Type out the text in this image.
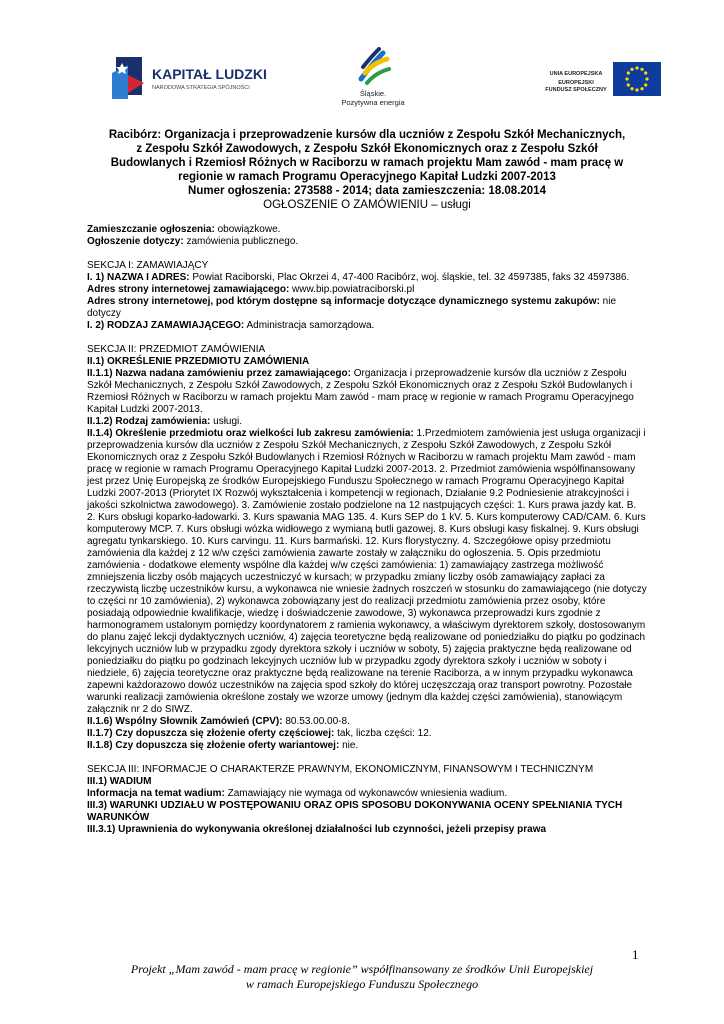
KAPITAŁ LUDZKI
NARODOWA STRATEGIA SPÓJNOŚCI
Śląskie.
Pozytywna energia
UNIA EUROPEJSKA
EUROPEJSKI
FUNDUSZ SPOŁECZNY
Racibórz: Organizacja i przeprowadzenie kursów dla uczniów z Zespołu Szkół Mechanicznych,
z Zespołu Szkół Zawodowych, z Zespołu Szkół Ekonomicznych oraz z Zespołu Szkół
Budowlanych i Rzemiosł Różnych w Raciborzu w ramach projektu Mam zawód - mam pracę w
regionie w ramach Programu Operacyjnego Kapitał Ludzki 2007-2013
Numer ogłoszenia: 273588 - 2014; data zamieszczenia: 18.08.2014
OGŁOSZENIE O ZAMÓWIENIU – usługi

Zamieszczanie ogłoszenia: obowiązkowe.

Ogłoszenie dotyczy: zamówienia publicznego.

SEKCJA I: ZAMAWIAJĄCY

I. 1) NAZWA I ADRES: Powiat Raciborski, Plac Okrzei 4, 47-400 Racibórz, woj. śląskie, tel. 32 4597385, faks 32 4597386.

Adres strony internetowej zamawiającego: www.bip.powiatraciborski.pl

Adres strony internetowej, pod którym dostępne są informacje dotyczące dynamicznego systemu zakupów: nie dotyczy

I. 2) RODZAJ ZAMAWIAJĄCEGO: Administracja samorządowa.

SEKCJA II: PRZEDMIOT ZAMÓWIENIA

II.1) OKREŚLENIE PRZEDMIOTU ZAMÓWIENIA

II.1.1) Nazwa nadana zamówieniu przez zamawiającego: Organizacja i przeprowadzenie kursów dla uczniów z Zespołu Szkół Mechanicznych, z Zespołu Szkół Zawodowych, z Zespołu Szkół Ekonomicznych oraz z Zespołu Szkół Budowlanych i Rzemiosł Różnych w Raciborzu w ramach projektu Mam zawód - mam pracę w regionie w ramach Programu Operacyjnego Kapitał Ludzki 2007-2013.

II.1.2) Rodzaj zamówienia: usługi.

II.1.4) Określenie przedmiotu oraz wielkości lub zakresu zamówienia: 1.Przedmiotem zamówienia jest usługa organizacji i przeprowadzenia kursów dla uczniów z Zespołu Szkół Mechanicznych, z Zespołu Szkół Zawodowych, z Zespołu Szkół Ekonomicznych oraz z Zespołu Szkół Budowlanych i Rzemiosł Różnych w Raciborzu w ramach projektu Mam zawód - mam pracę w regionie w ramach Programu Operacyjnego Kapitał Ludzki 2007-2013. 2. Przedmiot zamówienia współfinansowany jest przez Unię Europejską ze środków Europejskiego Funduszu Społecznego w ramach Programu Operacyjnego Kapitał Ludzki 2007-2013 (Priorytet IX Rozwój wykształcenia i kompetencji w regionach, Działanie 9.2 Podniesienie atrakcyjności i jakości szkolnictwa zawodowego). 3. Zamówienie zostało podzielone na 12 nastpujących części: 1. Kurs prawa jazdy kat. B. 2. Kurs obsługi koparko-ładowarki. 3. Kurs spawania MAG 135. 4. Kurs SEP do 1 kV. 5. Kurs komputerowy CAD/CAM. 6. Kurs komputerowy MCP. 7. Kurs obsługi wózka widłowego z wymianą butli gazowej. 8. Kurs obsługi kasy fiskalnej. 9. Kurs obsługi agregatu tynkarskiego. 10. Kurs carvingu. 11. Kurs barmański. 12. Kurs florystyczny. 4. Szczegółowe opisy przedmiotu zamówienia dla każdej z 12 w/w części zamówienia zawarte zostały w załączniku do ogłoszenia. 5. Opis przedmiotu zamówienia - dodatkowe elementy wspólne dla każdej w/w części zamówienia: 1) zamawiający zastrzega możliwość zmniejszenia liczby osób mających uczestniczyć w kursach; w przypadku zmiany liczby osób zamawiający zapłaci za rzeczywistą liczbę uczestników kursu, a wykonawca nie wniesie żadnych roszczeń w stosunku do zamawiającego (nie dotyczy to części nr 10 zamówienia), 2) wykonawca zobowiązany jest do realizacji przedmiotu zamówienia przez osoby, które posiadają odpowiednie kwalifikacje, wiedzę i doświadczenie zawodowe, 3) wykonawca przeprowadzi kurs zgodnie z harmonogramem ustalonym pomiędzy koordynatorem z ramienia wykonawcy, a właściwym dyrektorem szkoły, dostosowanym do planu zajęć lekcji dydaktycznych uczniów, 4) zajęcia teoretyczne będą realizowane od poniedziałku do piątku po godzinach lekcyjnych uczniów lub w przypadku zgody dyrektora szkoły i uczniów w soboty, 5) zajęcia praktyczne będą realizowane od poniedziałku do piątku po godzinach lekcyjnych uczniów lub w przypadku zgody dyrektora szkoły i uczniów w soboty i niedziele, 6) zajęcia teoretyczne oraz praktyczne będą realizowane na terenie Raciborza, a w innym przypadku wykonawca zapewni każdorazowo dowóz uczestników na zajęcia spod szkoły do której uczęszczają oraz transport powrotny. Pozostałe warunki realizacji zamówienia określone zostały we wzorze umowy (jednym dla każdej części zamówienia), stanowiącym załącznik nr 2 do SIWZ.

II.1.6) Wspólny Słownik Zamówień (CPV): 80.53.00.00-8.

II.1.7) Czy dopuszcza się złożenie oferty częściowej: tak, liczba części: 12.

II.1.8) Czy dopuszcza się złożenie oferty wariantowej: nie.

SEKCJA III: INFORMACJE O CHARAKTERZE PRAWNYM, EKONOMICZNYM, FINANSOWYM I TECHNICZNYM

III.1) WADIUM

Informacja na temat wadium: Zamawiający nie wymaga od wykonawców wniesienia wadium.

III.3) WARUNKI UDZIAŁU W POSTĘPOWANIU ORAZ OPIS SPOSOBU DOKONYWANIA OCENY SPEŁNIANIA TYCH WARUNKÓW

III.3.1) Uprawnienia do wykonywania określonej działalności lub czynności, jeżeli przepisy prawa

1
Projekt „Mam zawód - mam pracę w regionie” współfinansowany ze środków Unii Europejskiej
w ramach Europejskiego Funduszu Społecznego
